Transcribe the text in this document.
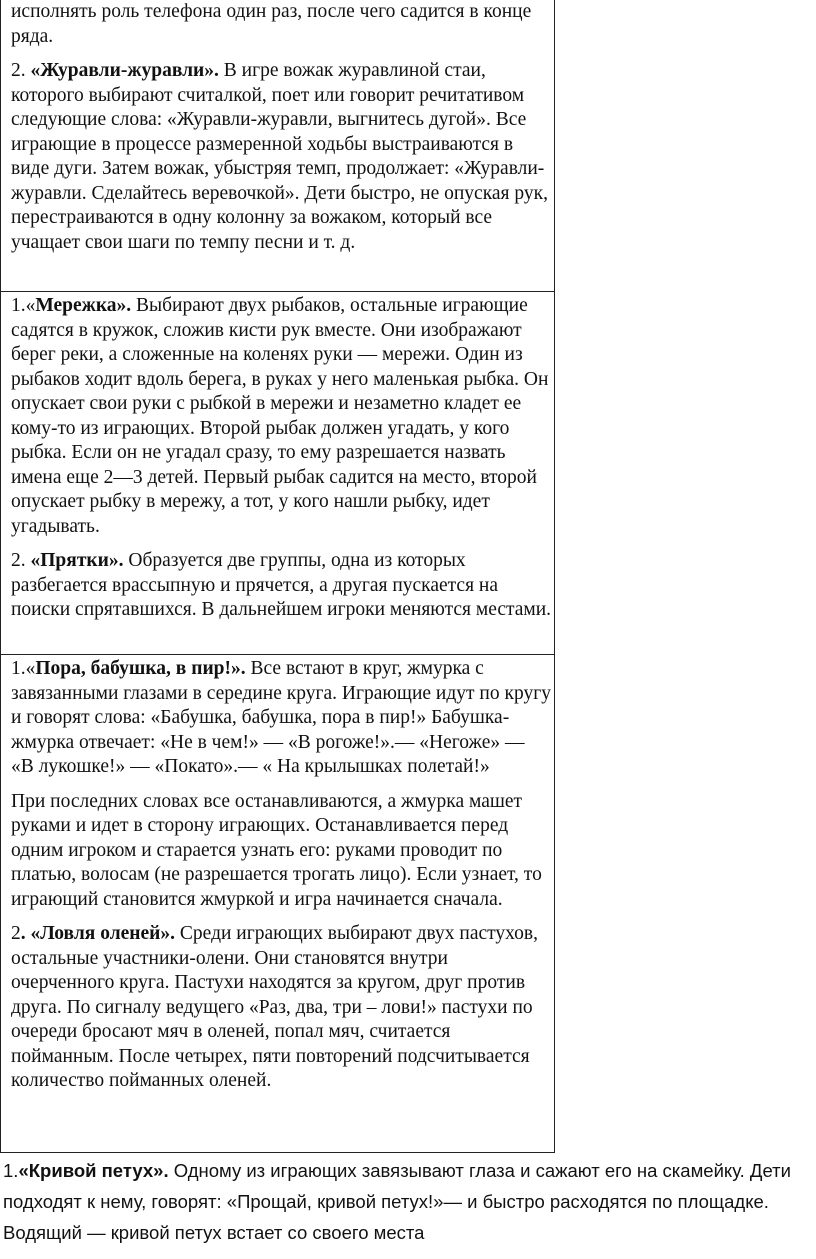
исполнять роль телефона один раз, после чего садится в конце ряда.

2. «Журавли-журавли». В игре вожак журавлиной стаи, которого выбирают считалкой, поет или говорит речитативом следующие слова: «Журавли-журавли, выгнитесь дугой». Все играющие в процессе размеренной ходьбы выстраиваются в виде дуги. Затем вожак, убыстряя темп, продолжает: «Журавли-журавли. Сделайтесь веревочкой». Дети быстро, не опуская рук, перестраиваются в одну колонну за вожаком, который все учащает свои шаги по темпу песни и т. д.

1.«Мережка». Выбирают двух рыбаков, остальные играющие садятся в кружок, сложив кисти рук вместе. Они изображают берег реки, а сложенные на коленях руки — мережи. Один из рыбаков ходит вдоль берега, в руках у него маленькая рыбка. Он опускает свои руки с рыбкой в мережи и незаметно кладет ее кому-то из играющих. Второй рыбак должен угадать, у кого рыбка. Если он не угадал сразу, то ему разрешается назвать имена еще 2—3 детей. Первый рыбак садится на место, второй опускает рыбку в мережу, а тот, у кого нашли рыбку, идет угадывать.

2. «Прятки». Образуется две группы, одна из которых разбегается врассыпную и прячется, а другая пускается на поиски спрятавшихся. В дальнейшем игроки меняются местами.

1.«Пора, бабушка, в пир!». Все встают в круг, жмурка с завязанными глазами в середине круга. Играющие идут по кругу и говорят слова: «Бабушка, бабушка, пора в пир!» Бабушка-жмурка отвечает: «Не в чем!» — «В рогоже!».— «Негоже» — «В лукошке!» — «Покато».— « На крылышках полетай!»

При последних словах все останавливаются, а жмурка машет руками и идет в сторону играющих. Останавливается перед одним игроком и старается узнать его: руками проводит по платью, волосам (не разрешается трогать лицо). Если узнает, то играющий становится жмуркой и игра начинается сначала.

2. «Ловля оленей». Среди играющих выбирают двух пастухов, остальные участники-олени. Они становятся внутри очерченного круга. Пастухи находятся за кругом, друг против друга. По сигналу ведущего «Раз, два, три – лови!» пастухи по очереди бросают мяч в оленей, попал мяч, считается пойманным. После четырех, пяти повторений подсчитывается количество пойманных оленей.

1.«Кривой петух». Одному из играющих завязывают глаза и сажают его на скамейку. Дети подходят к нему, говорят: «Прощай, кривой петух!»— и быстро расходятся по площадке. Водящий — кривой петух встает со своего места
